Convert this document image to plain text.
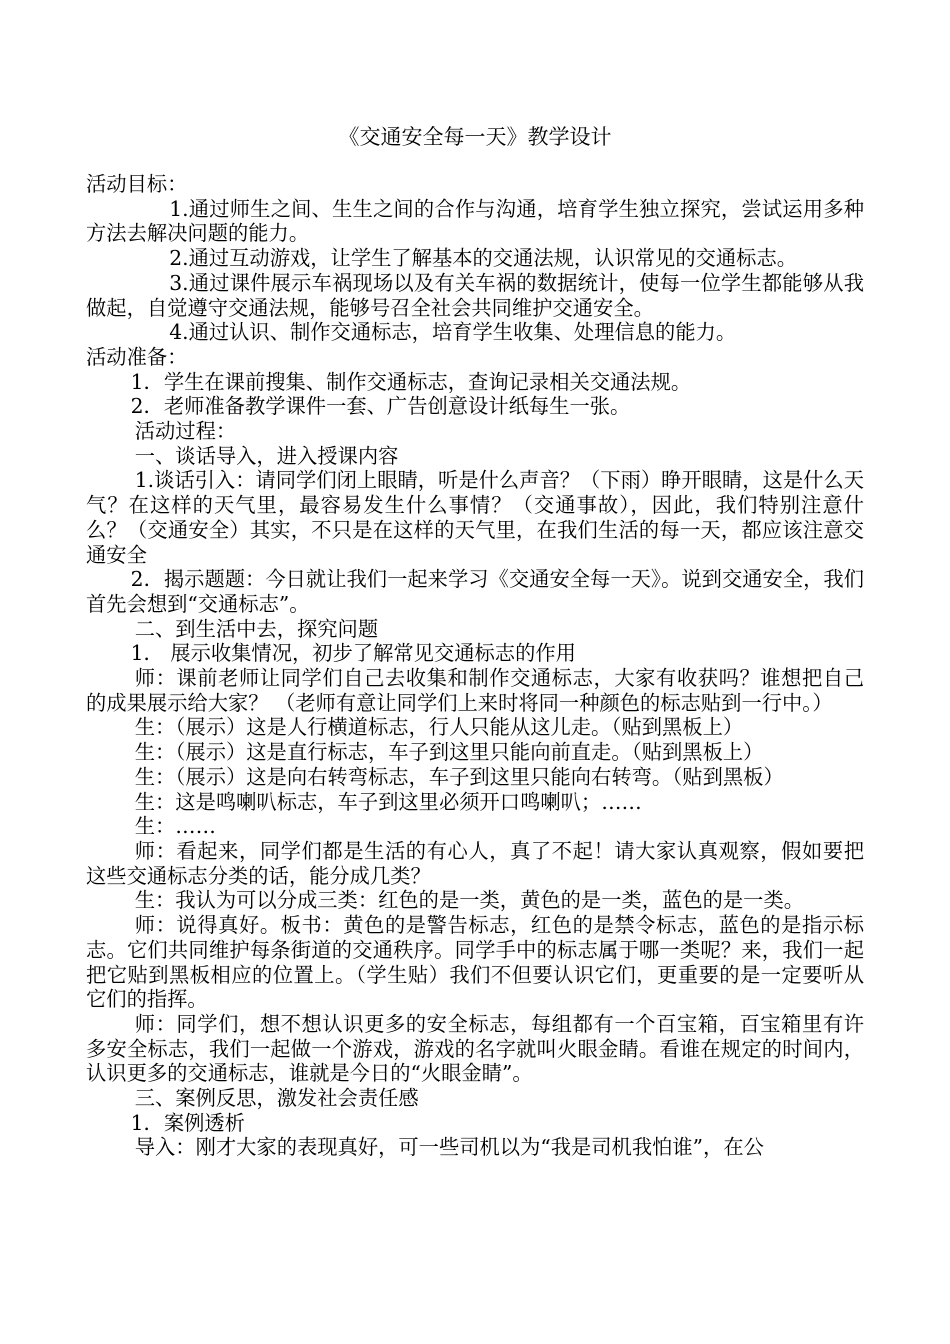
《交通安全每一天》教学设计

活动目标：

1.通过师生之间、生生之间的合作与沟通，培育学生独立探究，尝试运用多种方法去解决问题的能力。

2.通过互动游戏，让学生了解基本的交通法规，认识常见的交通标志。

3.通过课件展示车祸现场以及有关车祸的数据统计，使每一位学生都能够从我做起，自觉遵守交通法规，能够号召全社会共同维护交通安全。

4.通过认识、制作交通标志，培育学生收集、处理信息的能力。

活动准备：

1．学生在课前搜集、制作交通标志，查询记录相关交通法规。

2．老师准备教学课件一套、广告创意设计纸每生一张。

活动过程：

一、谈话导入，进入授课内容

1.谈话引入：请同学们闭上眼睛，听是什么声音？（下雨）睁开眼睛，这是什么天气？在这样的天气里，最容易发生什么事情？（交通事故），因此，我们特别注意什么？（交通安全）其实，不只是在这样的天气里，在我们生活的每一天，都应该注意交通安全

2．揭示题题：今日就让我们一起来学习《交通安全每一天》。说到交通安全，我们首先会想到“交通标志”。

二、到生活中去，探究问题

1． 展示收集情况，初步了解常见交通标志的作用

师：课前老师让同学们自己去收集和制作交通标志，大家有收获吗？谁想把自己的成果展示给大家？ （老师有意让同学们上来时将同一种颜色的标志贴到一行中。）

生：（展示）这是人行横道标志，行人只能从这儿走。（贴到黑板上）

生：（展示）这是直行标志，车子到这里只能向前直走。（贴到黑板上）

生：（展示）这是向右转弯标志，车子到这里只能向右转弯。（贴到黑板）

生：这是鸣喇叭标志，车子到这里必须开口鸣喇叭；……

生：……

师：看起来，同学们都是生活的有心人，真了不起！请大家认真观察，假如要把这些交通标志分类的话，能分成几类？

生：我认为可以分成三类：红色的是一类，黄色的是一类，蓝色的是一类。

师：说得真好。板书：黄色的是警告标志，红色的是禁令标志，蓝色的是指示标志。它们共同维护每条街道的交通秩序。同学手中的标志属于哪一类呢？来，我们一起把它贴到黑板相应的位置上。（学生贴）我们不但要认识它们，更重要的是一定要听从它们的指挥。

师：同学们，想不想认识更多的安全标志，每组都有一个百宝箱，百宝箱里有许多安全标志，我们一起做一个游戏，游戏的名字就叫火眼金睛。看谁在规定的时间内，认识更多的交通标志，谁就是今日的“火眼金睛”。

三、案例反思，激发社会责任感

1．案例透析

导入：刚才大家的表现真好，可一些司机以为“我是司机我怕谁”，在公
